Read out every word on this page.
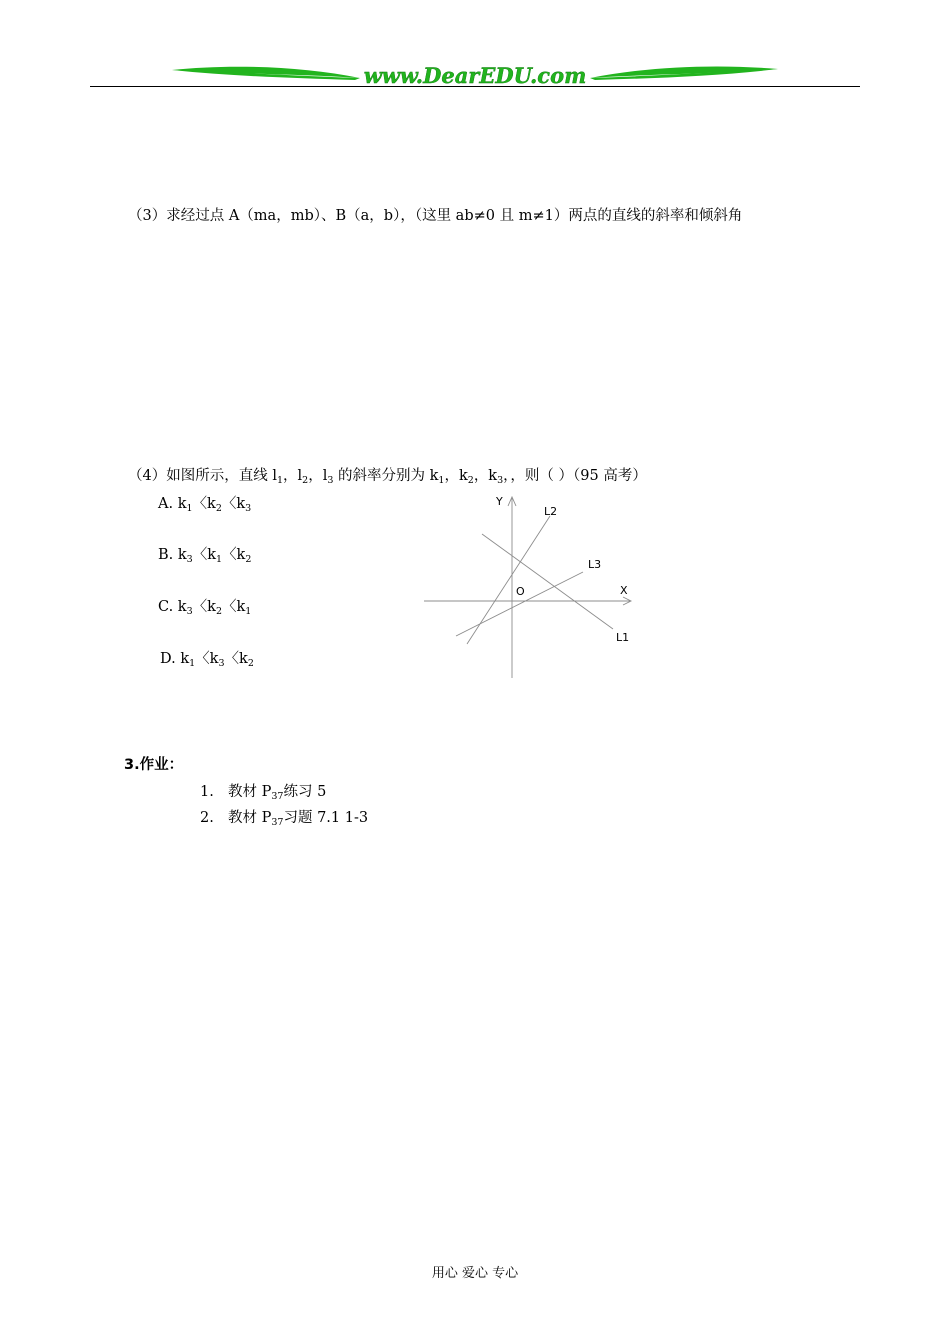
www.DearEDU.com
（3）求经过点 A（ma，mb）、B（a，b），（这里 ab≠0 且 m≠1）两点的直线的斜率和倾斜角
（4）如图所示，直线 $l_1$，$l_2$，$l_3$ 的斜率分别为 $k_1$，$k_2$，$k_3$，，则（ ）（95 高考）
A. $k_1$〈$k_2$〈$k_3$
B. $k_3$〈$k_1$〈$k_2$
C. $k_3$〈$k_2$〈$k_1$
D. $k_1$〈$k_3$〈$k_2$
Y
L2
L3
O	X
L1
3.作业：
1. 教材 $P_{37}$练习 5
2. 教材 $P_{37}$习题 7.1 1-3
用心 爱心 专心
